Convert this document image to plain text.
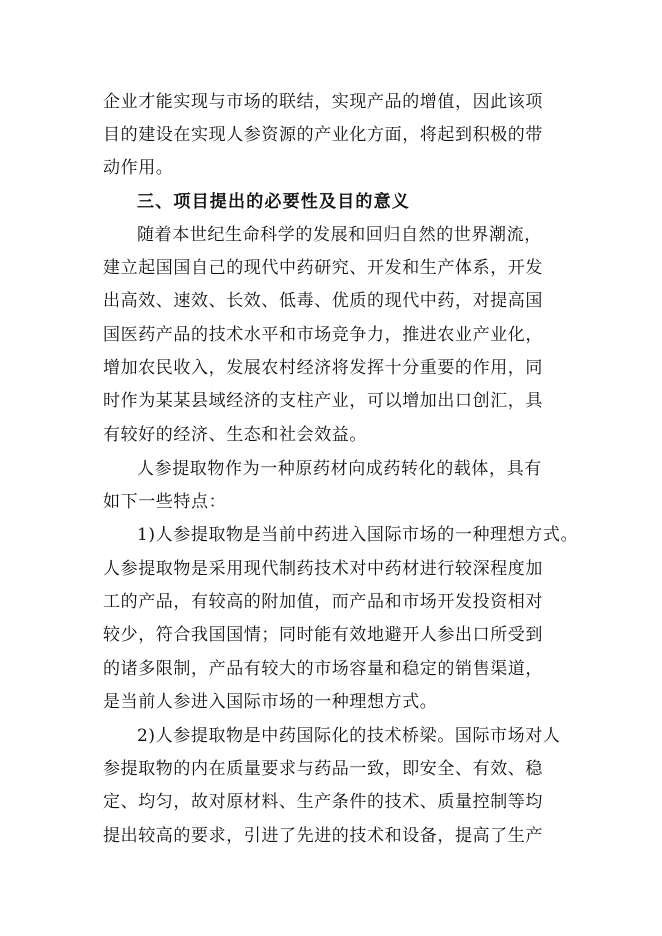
企业才能实现与市场的联结，实现产品的增值，因此该项
目的建设在实现人参资源的产业化方面，将起到积极的带
动作用。
三、项目提出的必要性及目的意义
随着本世纪生命科学的发展和回归自然的世界潮流，
建立起国国自己的现代中药研究、开发和生产体系，开发
出高效、速效、长效、低毒、优质的现代中药，对提高国
国医药产品的技术水平和市场竞争力，推进农业产业化，
增加农民收入，发展农村经济将发挥十分重要的作用，同
时作为某某县域经济的支柱产业，可以增加出口创汇，具
有较好的经济、生态和社会效益。
人参提取物作为一种原药材向成药转化的载体，具有
如下一些特点：
1)人参提取物是当前中药进入国际市场的一种理想方式。
人参提取物是采用现代制药技术对中药材进行较深程度加
工的产品，有较高的附加值，而产品和市场开发投资相对
较少，符合我国国情；同时能有效地避开人参出口所受到
的诸多限制，产品有较大的市场容量和稳定的销售渠道，
是当前人参进入国际市场的一种理想方式。
2)人参提取物是中药国际化的技术桥梁。国际市场对人
参提取物的内在质量要求与药品一致，即安全、有效、稳
定、均匀，故对原材料、生产条件的技术、质量控制等均
提出较高的要求，引进了先进的技术和设备，提高了生产
